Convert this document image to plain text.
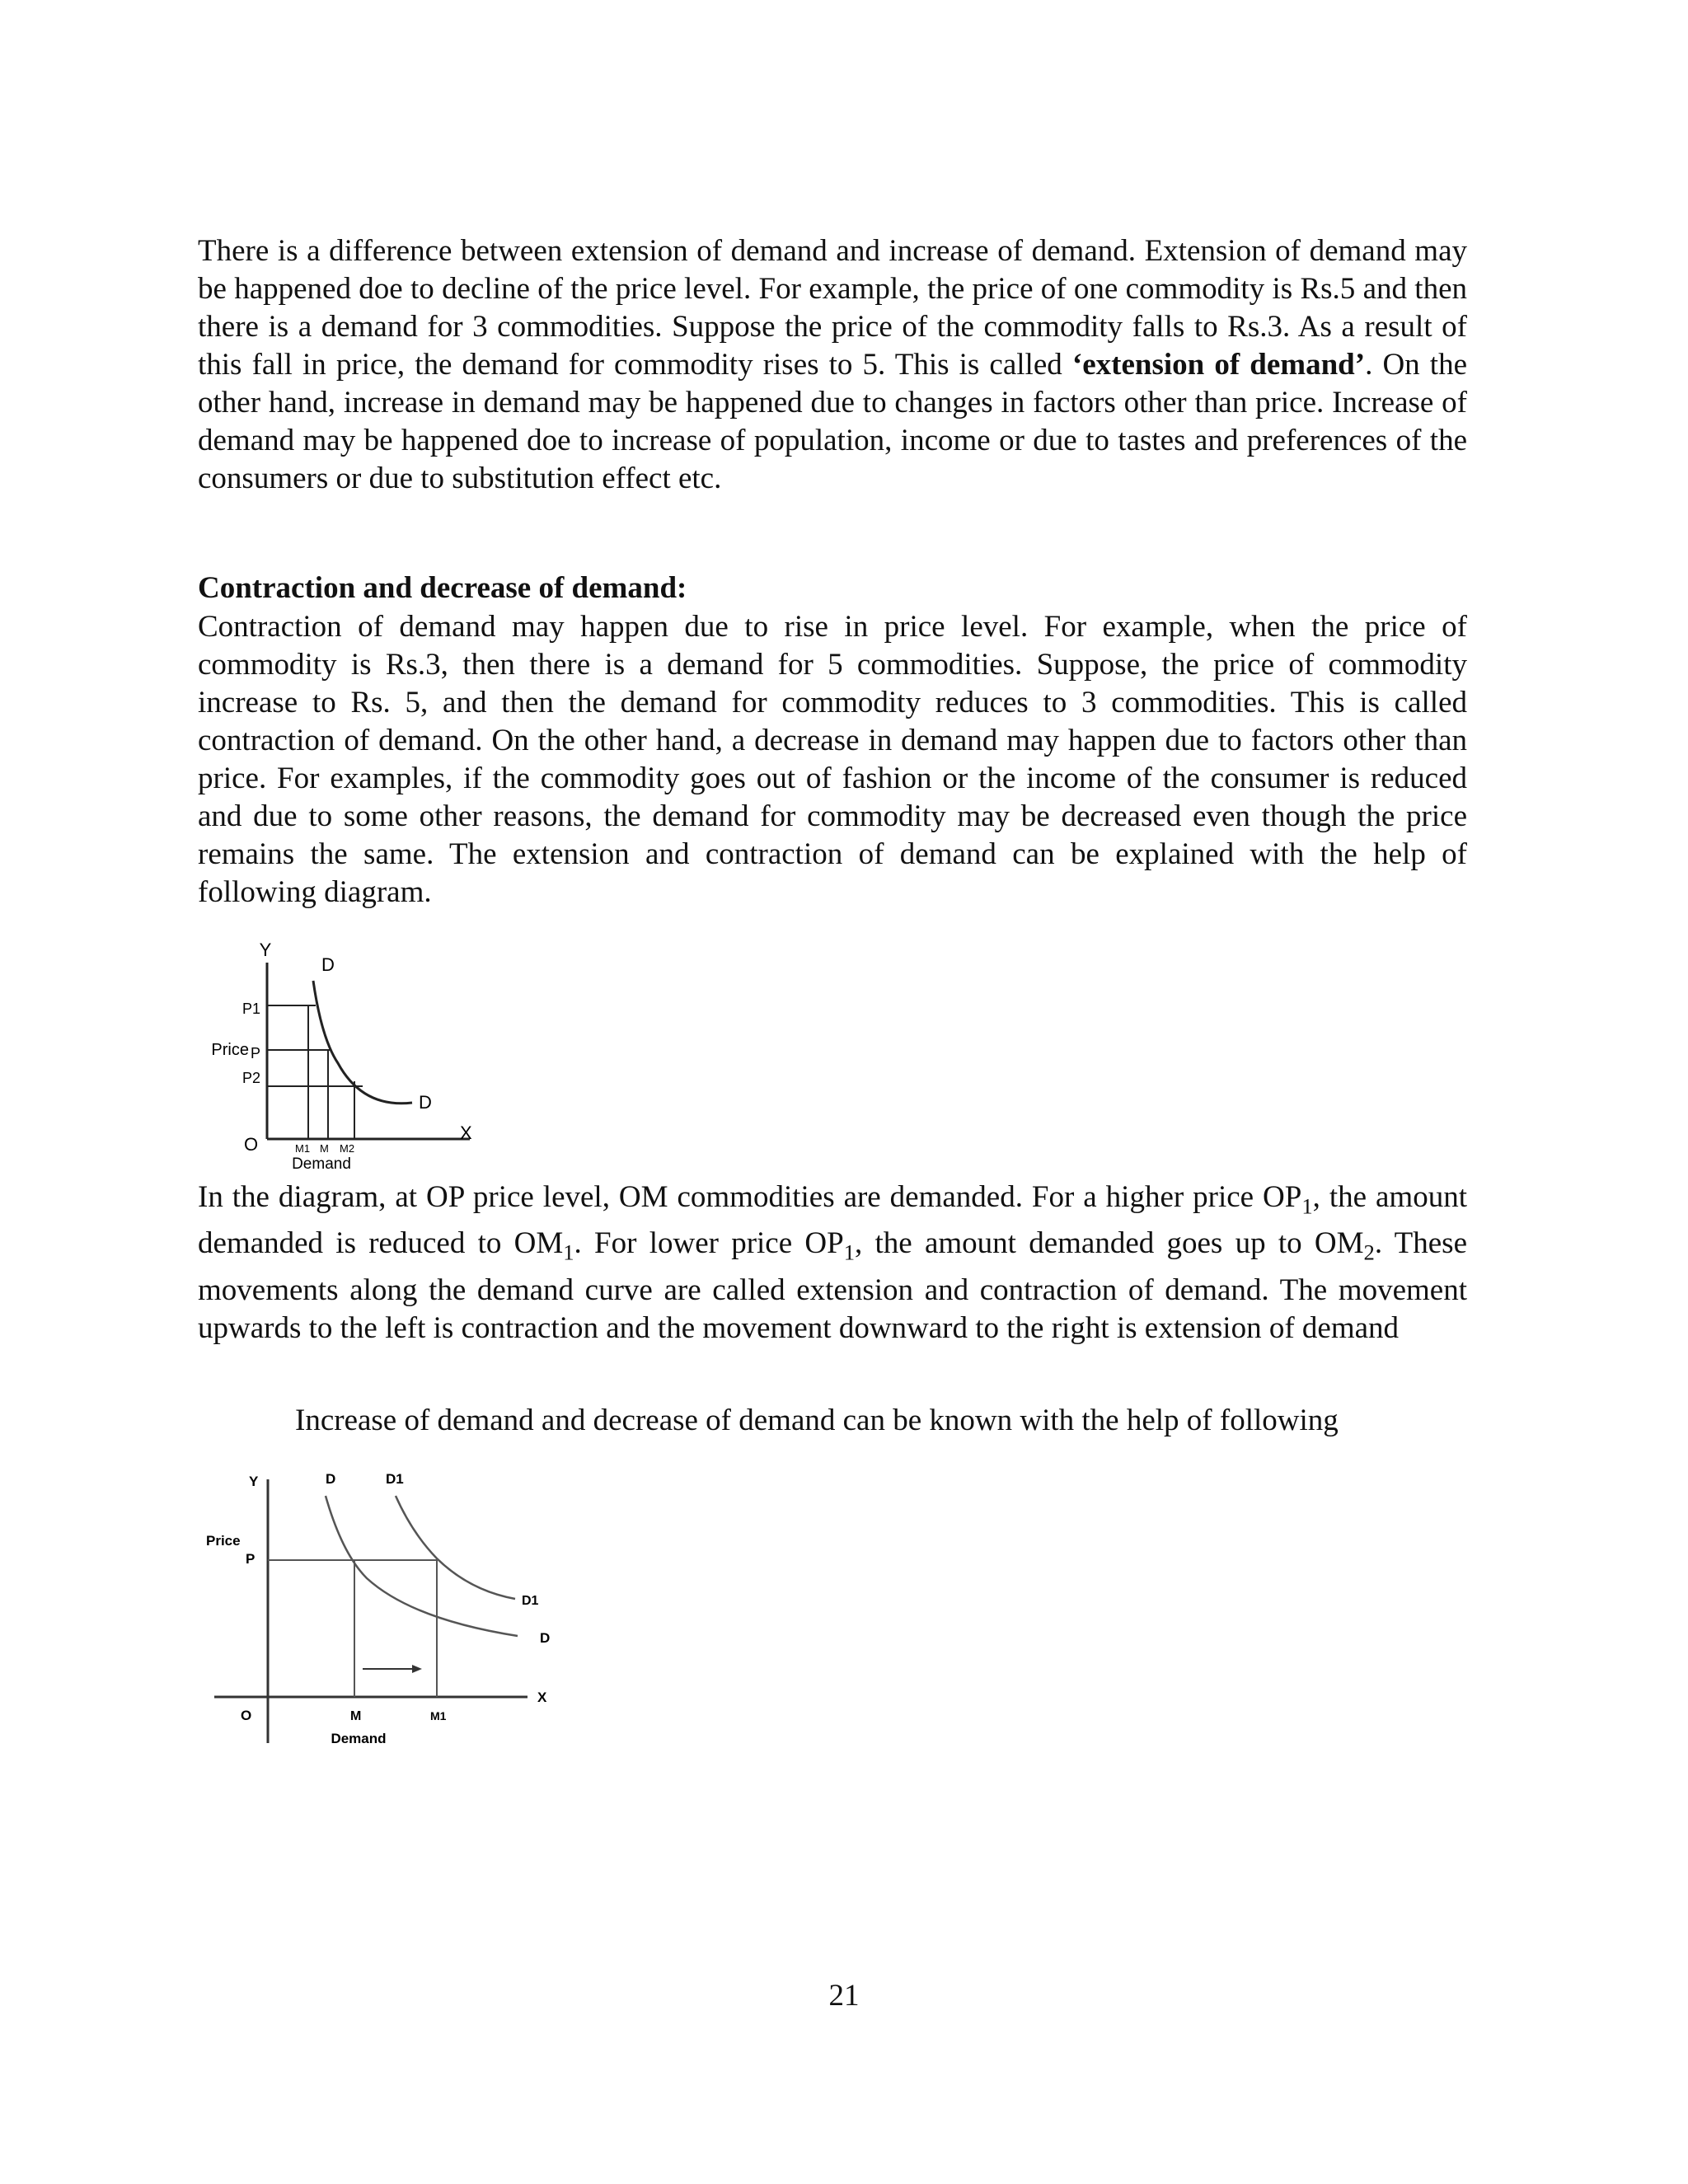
There is a difference between extension of demand and increase of demand. Extension of demand may be happened doe to decline of the price level. For example, the price of one commodity is Rs.5 and then there is a demand for 3 commodities. Suppose the price of the commodity falls to Rs.3. As a result of this fall in price, the demand for commodity rises to 5. This is called ‘extension of demand’. On the other hand, increase in demand may be happened due to changes in factors other than price. Increase of demand may be happened doe to increase of population, income or due to tastes and preferences of the consumers or due to substitution effect etc.

Contraction and decrease of demand:

Contraction of demand may happen due to rise in price level. For example, when the price of commodity is Rs.3, then there is a demand for 5 commodities. Suppose, the price of commodity increase to Rs. 5, and then the demand for commodity reduces to 3 commodities. This is called contraction of demand. On the other hand, a decrease in demand may happen due to factors other than price. For examples, if the commodity goes out of fashion or the income of the consumer is reduced and due to some other reasons, the demand for commodity may be decreased even though the price remains the same. The extension and contraction of demand can be explained with the help of following diagram.

Y
D
D
P1
Price P
P2
O	M1 M M2
Demand
X

In the diagram, at OP price level, OM commodities are demanded. For a higher price $OP_1$, the amount demanded is reduced to $OM_1$. For lower price $OP_1$, the amount demanded goes up to $OM_2$. These movements along the demand curve are called extension and contraction of demand. The movement upwards to the left is contraction and the movement downward to the right is extension of demand

Increase of demand and decrease of demand can be known with the help of following

Y	D	D1
Price
P
D1
D
X
O	M	M1
Demand

21
